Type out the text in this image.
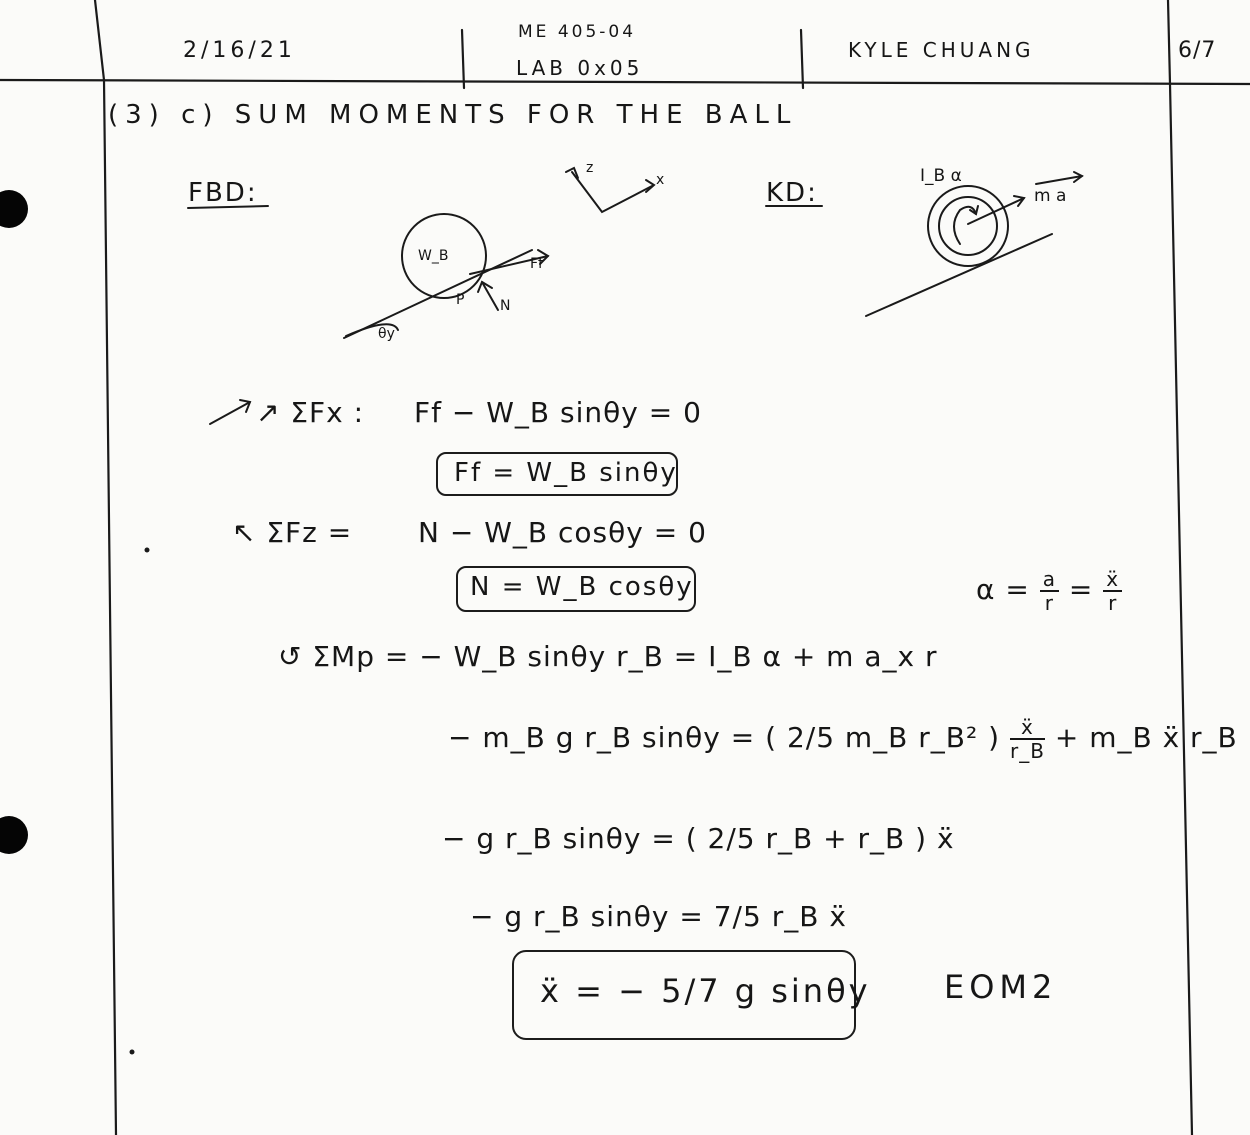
2/16/21
ME 405-04
LAB 0x05
KYLE CHUANG	6/7
(3) c) SUM MOMENTS FOR THE BALL
FBD:	KD:
x
z
W_B	Ff
N
P
θy
I_B α
m a
↗ ΣFx : Ff − W_B sinθy = 0
Ff = W_B sinθy
↖ ΣFz = N − W_B cosθy = 0
N = W_B cosθy	$\alpha = \frac{a}{r} = \frac{\text{ẍ}}{r}$
↺ ΣMp = − W_B sinθy r_B = I_B α + m a_x r
− m_B g r_B sinθy = ( 2/5 m_B r_B² ) $\frac{\text{ẍ}}{r\_B}$ + m_B ẍ r_B
− g r_B sinθy = ( 2/5 r_B + r_B ) ẍ
− g r_B sinθy = 7/5 r_B ẍ
ẍ = − 5/7 g sinθy EOM2
